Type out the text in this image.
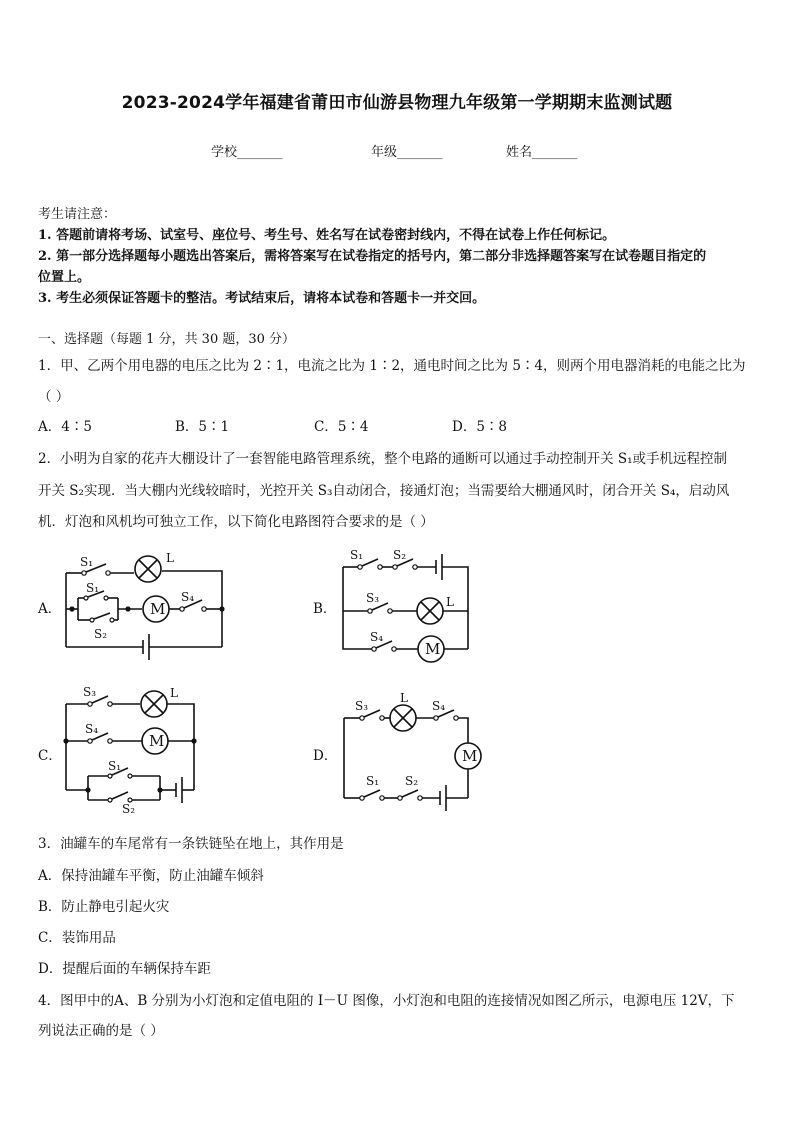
2023-2024学年福建省莆田市仙游县物理九年级第一学期期末监测试题
学校_______	年级_______	姓名_______
考生请注意：
1. 答题前请将考场、试室号、座位号、考生号、姓名写在试卷密封线内，不得在试卷上作任何标记。
2. 第一部分选择题每小题选出答案后，需将答案写在试卷指定的括号内，第二部分非选择题答案写在试卷题目指定的
位置上。
3. 考生必须保证答题卡的整洁。考试结束后，请将本试卷和答题卡一并交回。
一、选择题（每题 1 分，共 30 题，30 分）
1．甲、乙两个用电器的电压之比为 2∶1，电流之比为 1∶2，通电时间之比为 5∶4，则两个用电器消耗的电能之比为
（ ）
A．4∶5	B．5∶1	C．5∶4	D．5∶8
2．小明为自家的花卉大棚设计了一套智能电路管理系统，整个电路的通断可以通过手动控制开关 S₁或手机远程控制
开关 S₂实现．当大棚内光线较暗时，光控开关 S₃自动闭合，接通灯泡；当需要给大棚通风时，闭合开关 S₄，启动风
机．灯泡和风机均可独立工作，以下简化电路图符合要求的是（ ）
A．	B．
C．	D．
S₁	L
M
S₁
S₂
S₄
S₁ S₂
S₃	L
M
S₄
S₃	L
M
S₄
S₁
S₂
M
S₃
L
S₄
S₁ S₂
3．油罐车的车尾常有一条铁链坠在地上，其作用是
A．保持油罐车平衡，防止油罐车倾斜
B．防止静电引起火灾
C．装饰用品
D．提醒后面的车辆保持车距
4．图甲中的A、B 分别为小灯泡和定值电阻的 I－U 图像，小灯泡和电阻的连接情况如图乙所示，电源电压 12V，下
列说法正确的是（ ）
